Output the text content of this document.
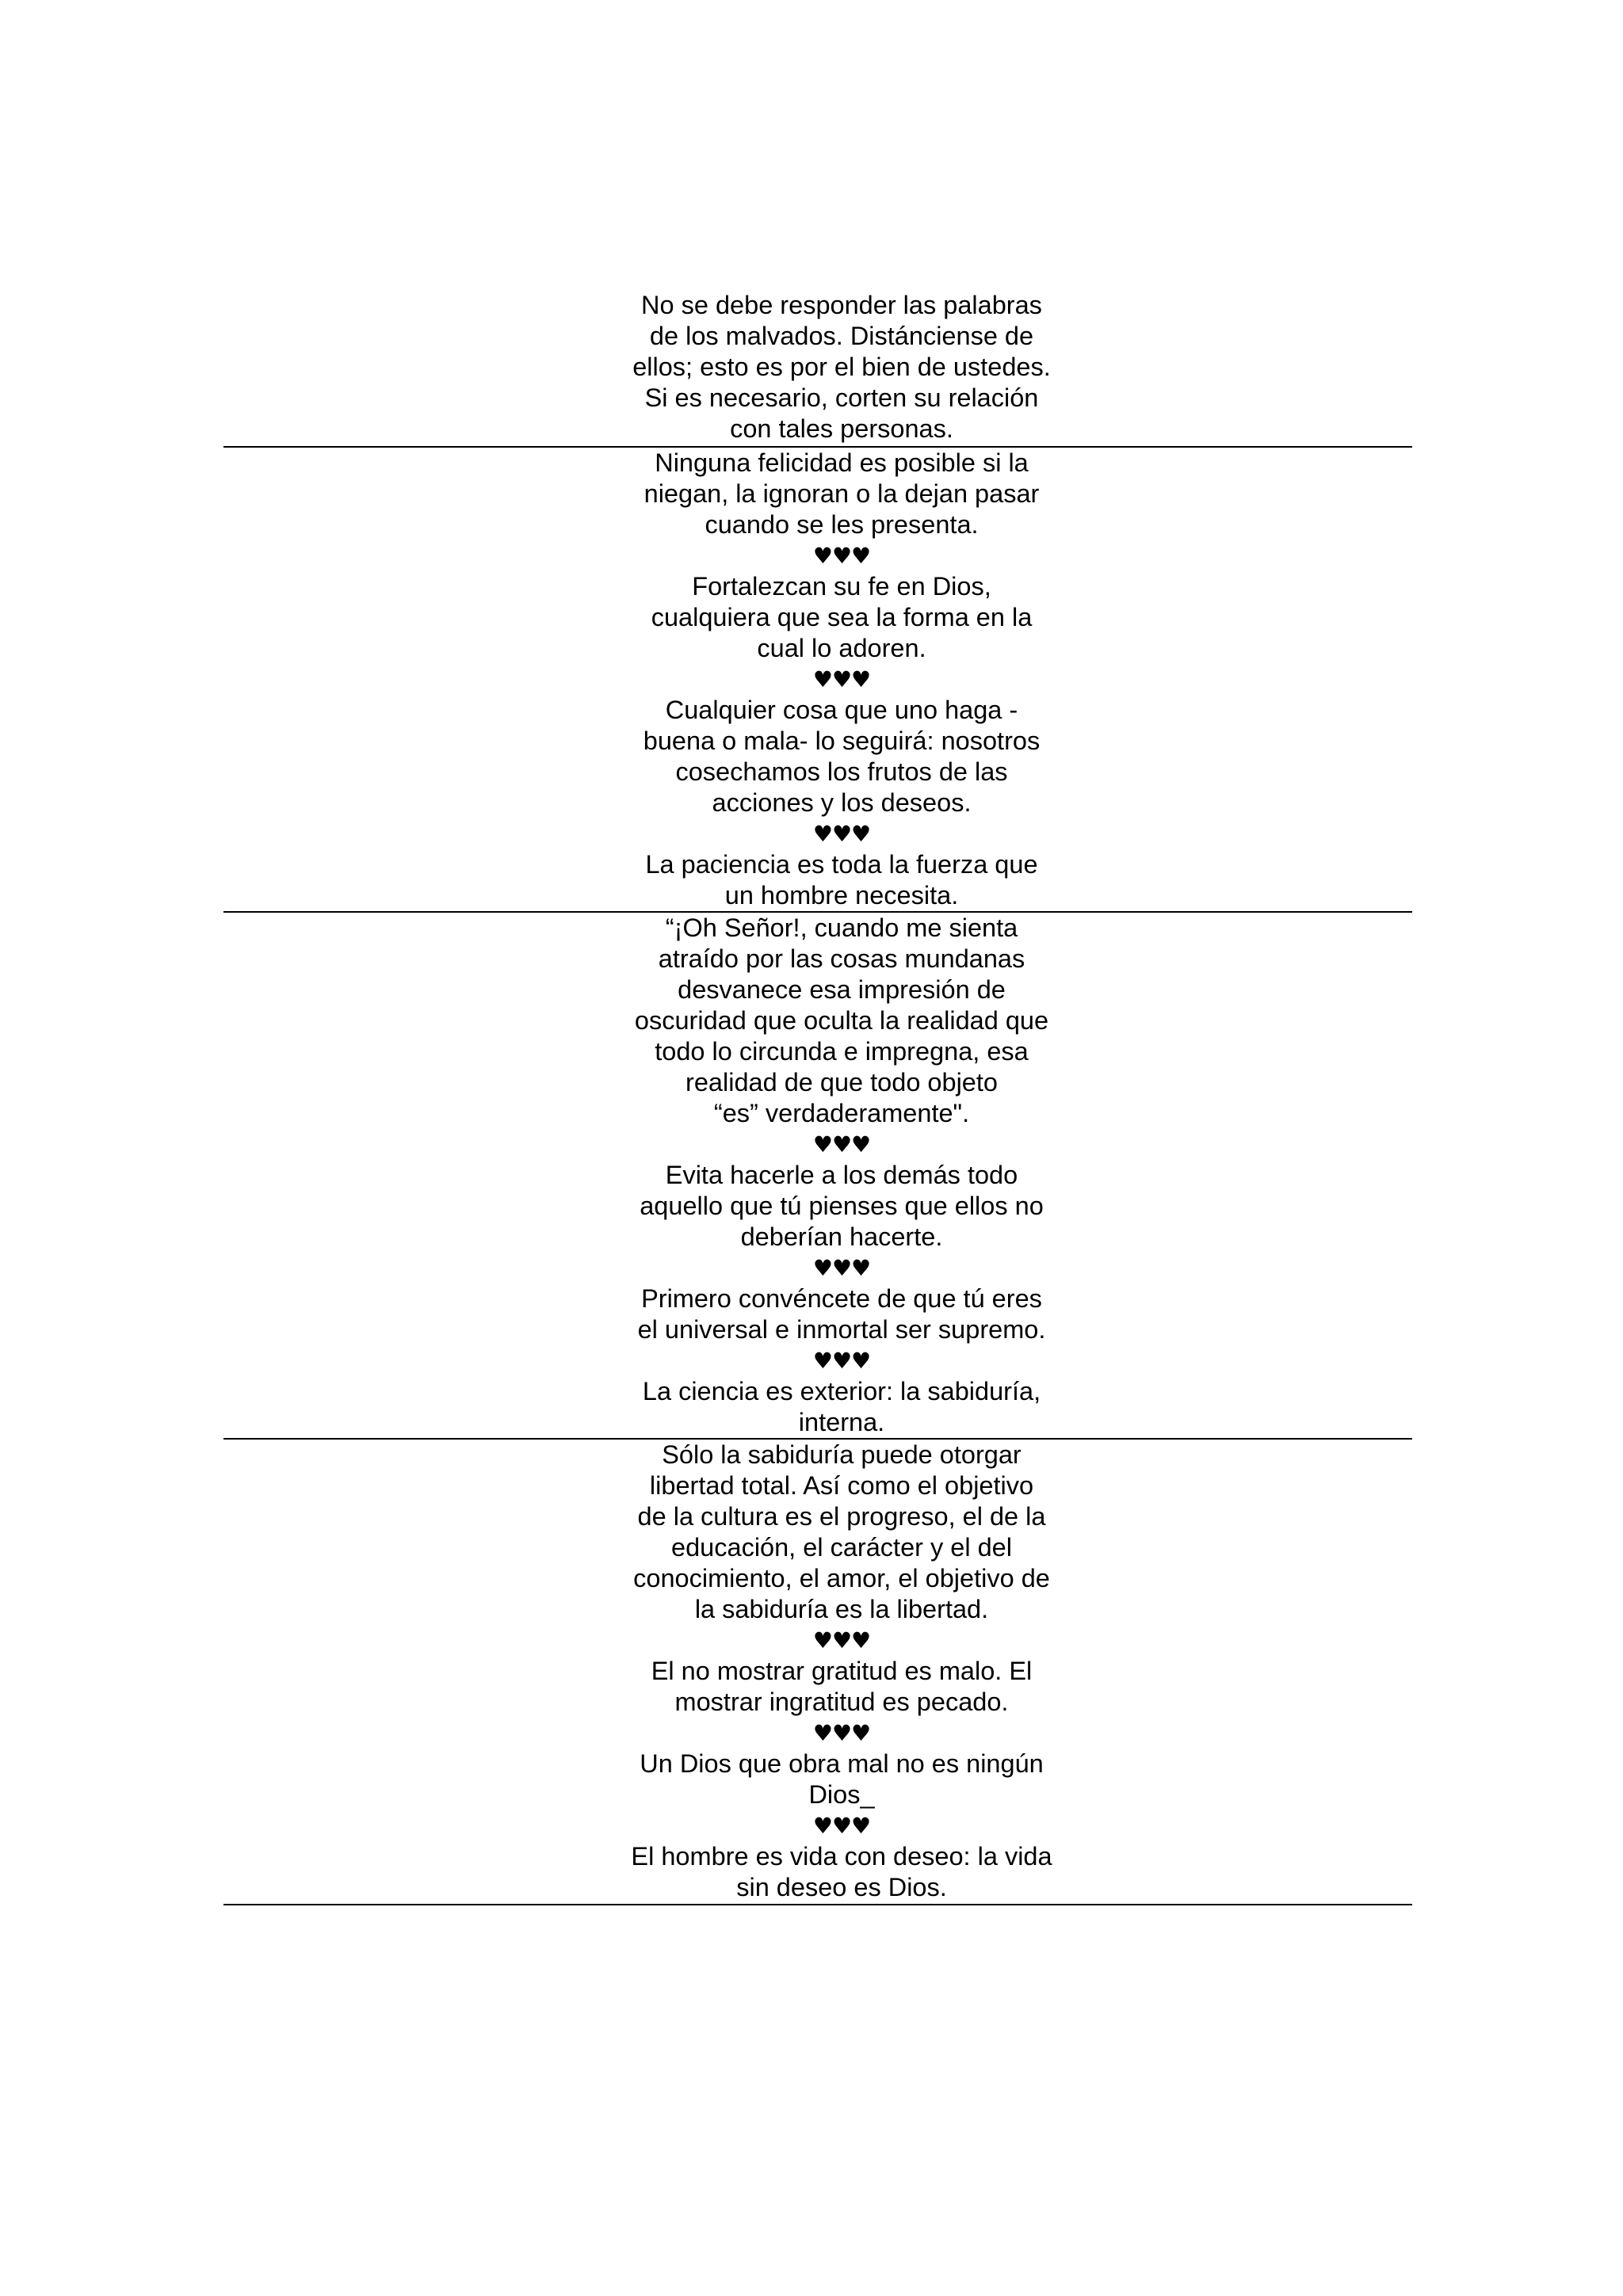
No se debe responder las palabras
de los malvados. Distánciense de
ellos; esto es por el bien de ustedes.
Si es necesario, corten su relación
con tales personas.
Ninguna felicidad es posible si la
niegan, la ignoran o la dejan pasar
cuando se les presenta.
♥♥♥
Fortalezcan su fe en Dios,
cualquiera que sea la forma en la
cual lo adoren.
♥♥♥
Cualquier cosa que uno haga -
buena o mala- lo seguirá: nosotros
cosechamos los frutos de las
acciones y los deseos.
♥♥♥
La paciencia es toda la fuerza que
un hombre necesita.
“¡Oh Señor!, cuando me sienta
atraído por las cosas mundanas
desvanece esa impresión de
oscuridad que oculta la realidad que
todo lo circunda e impregna, esa
realidad de que todo objeto
“es” verdaderamente".
♥♥♥
Evita hacerle a los demás todo
aquello que tú pienses que ellos no
deberían hacerte.
♥♥♥
Primero convéncete de que tú eres
el universal e inmortal ser supremo.
♥♥♥
La ciencia es exterior: la sabiduría,
interna.
Sólo la sabiduría puede otorgar
libertad total. Así como el objetivo
de la cultura es el progreso, el de la
educación, el carácter y el del
conocimiento, el amor, el objetivo de
la sabiduría es la libertad.
♥♥♥
El no mostrar gratitud es malo. El
mostrar ingratitud es pecado.
♥♥♥
Un Dios que obra mal no es ningún
Dios_
♥♥♥
El hombre es vida con deseo: la vida
sin deseo es Dios.
